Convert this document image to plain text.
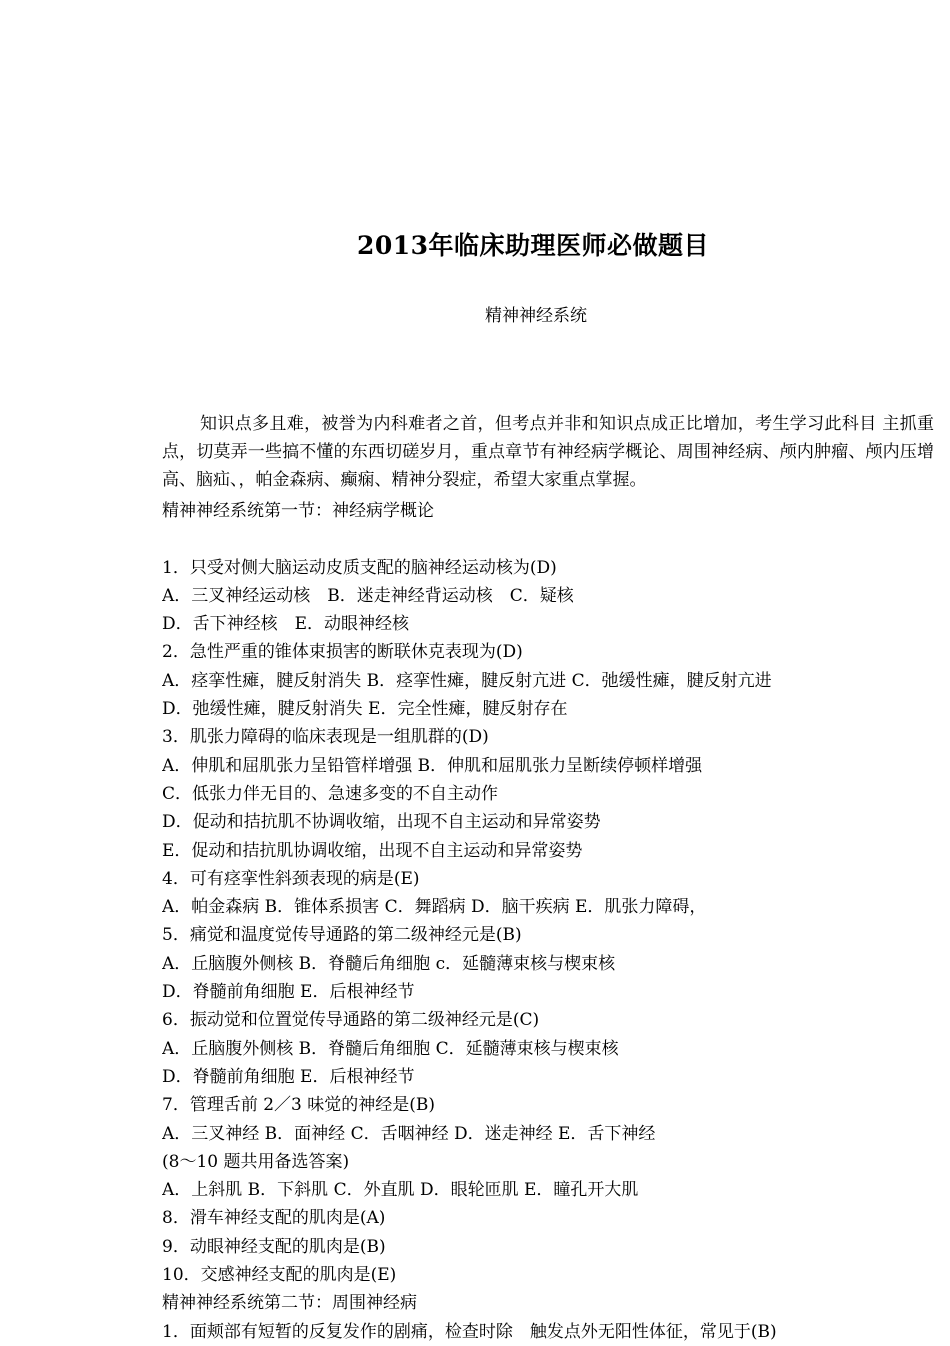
2013年临床助理医师必做题目
精神神经系统

知识点多且难，被誉为内科难者之首，但考点并非和知识点成正比增加，考生学习此科目 主抓重点，切莫弄一些搞不懂的东西切磋岁月，重点章节有神经病学概论、周围神经病、颅内肿瘤、颅内压增高、脑疝、，帕金森病、癫痫、精神分裂症，希望大家重点掌握。

精神神经系统第一节：神经病学概论
1．只受对侧大脑运动皮质支配的脑神经运动核为(D)
A．三叉神经运动核　B．迷走神经背运动核　C．疑核
D．舌下神经核　E．动眼神经核
2．急性严重的锥体束损害的断联休克表现为(D)
A．痉挛性瘫，腱反射消失 B．痉挛性瘫，腱反射亢进 C．弛缓性瘫，腱反射亢进
D．弛缓性瘫，腱反射消失 E．完全性瘫，腱反射存在
3．肌张力障碍的临床表现是一组肌群的(D)
A．伸肌和屈肌张力呈铅管样增强 B．伸肌和屈肌张力呈断续停顿样增强
C．低张力伴无目的、急速多变的不自主动作
D．促动和拮抗肌不协调收缩，出现不自主运动和异常姿势
E．促动和拮抗肌协调收缩，出现不自主运动和异常姿势
4．可有痉挛性斜颈表现的病是(E)
A．帕金森病 B．锥体系损害 C．舞蹈病 D．脑干疾病 E．肌张力障碍，
5．痛觉和温度觉传导通路的第二级神经元是(B)
A．丘脑腹外侧核 B．脊髓后角细胞 c．延髓薄束核与楔束核
D．脊髓前角细胞 E．后根神经节
6．振动觉和位置觉传导通路的第二级神经元是(C)
A．丘脑腹外侧核 B．脊髓后角细胞 C．延髓薄束核与楔束核
D．脊髓前角细胞 E．后根神经节
7．管理舌前 2／3 味觉的神经是(B)
A．三叉神经 B．面神经 C．舌咽神经 D．迷走神经 E．舌下神经
(8～10 题共用备选答案)
A．上斜肌 B．下斜肌 C．外直肌 D．眼轮匝肌 E．瞳孔开大肌
8．滑车神经支配的肌肉是(A)
9．动眼神经支配的肌肉是(B)
10．交感神经支配的肌肉是(E)
精神神经系统第二节：周围神经病
1．面颊部有短暂的反复发作的剧痛，检查时除　触发点外无阳性体征，常见于(B)
